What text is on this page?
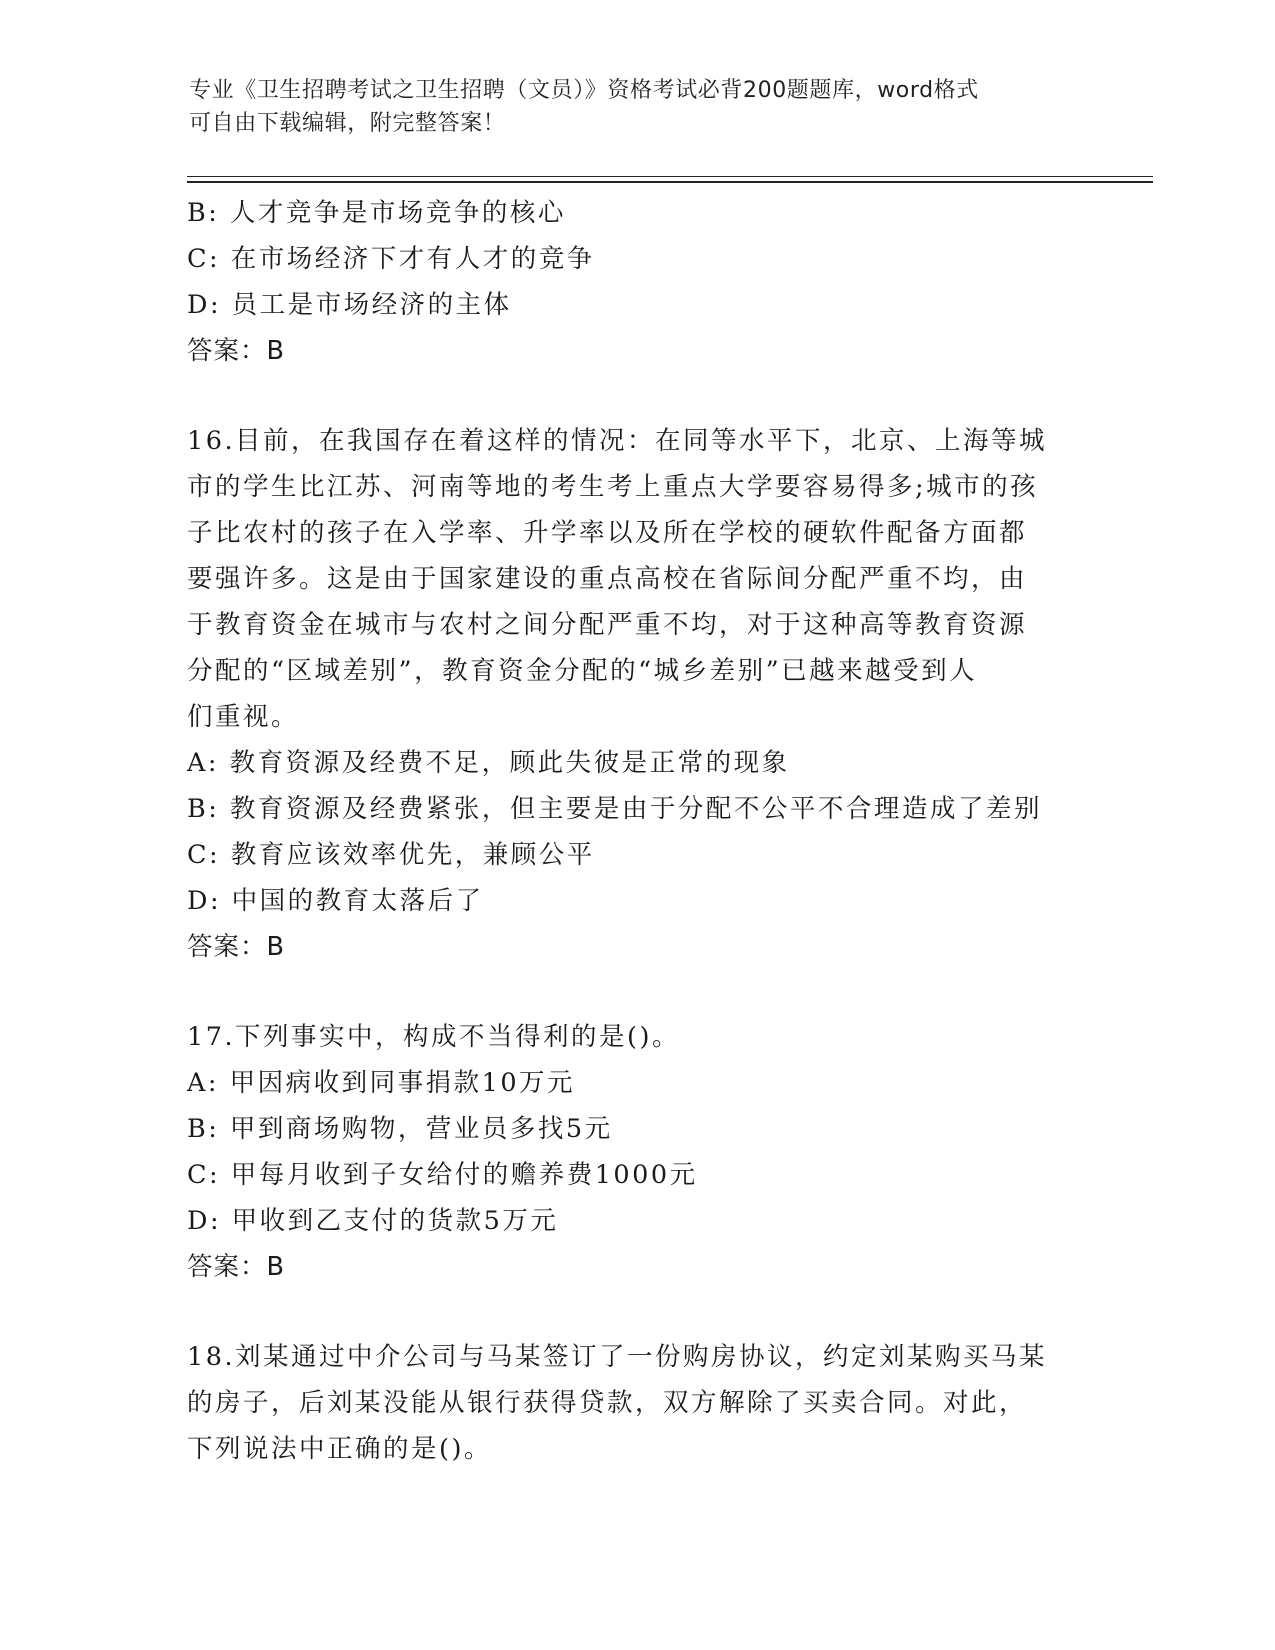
专业《卫生招聘考试之卫生招聘（文员）》资格考试必背200题题库，word格式
可自由下载编辑，附完整答案！
B: 人才竞争是市场竞争的核心
C: 在市场经济下才有人才的竞争
D: 员工是市场经济的主体
答案：B
16.目前，在我国存在着这样的情况：在同等水平下，北京、上海等城
市的学生比江苏、河南等地的考生考上重点大学要容易得多;城市的孩
子比农村的孩子在入学率、升学率以及所在学校的硬软件配备方面都
要强许多。这是由于国家建设的重点高校在省际间分配严重不均，由
于教育资金在城市与农村之间分配严重不均，对于这种高等教育资源
分配的“区域差别”，教育资金分配的“城乡差别”已越来越受到人
们重视。
A: 教育资源及经费不足，顾此失彼是正常的现象
B: 教育资源及经费紧张，但主要是由于分配不公平不合理造成了差别
C: 教育应该效率优先，兼顾公平
D: 中国的教育太落后了
答案：B
17.下列事实中，构成不当得利的是()。
A: 甲因病收到同事捐款10万元
B: 甲到商场购物，营业员多找5元
C: 甲每月收到子女给付的赡养费1000元
D: 甲收到乙支付的货款5万元
答案：B
18.刘某通过中介公司与马某签订了一份购房协议，约定刘某购买马某
的房子，后刘某没能从银行获得贷款，双方解除了买卖合同。对此，
下列说法中正确的是()。
